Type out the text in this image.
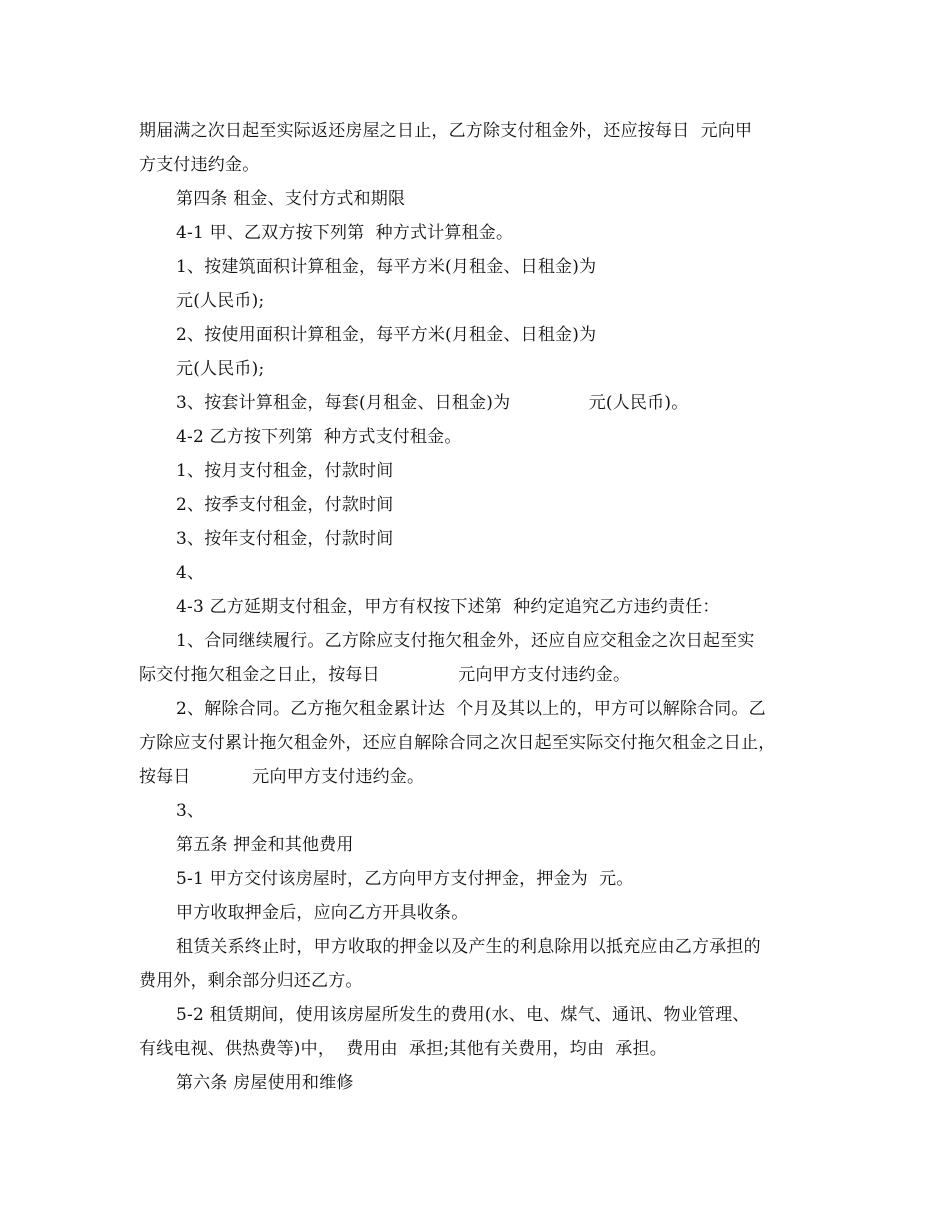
期届满之次日起至实际返还房屋之日止，乙方除支付租金外，还应按每日  元向甲
方支付违约金。
第四条 租金、支付方式和期限
4-1 甲、乙双方按下列第  种方式计算租金。
1、按建筑面积计算租金，每平方米(月租金、日租金)为
元(人民币);
2、按使用面积计算租金，每平方米(月租金、日租金)为
元(人民币);
3、按套计算租金，每套(月租金、日租金)为              元(人民币)。
4-2 乙方按下列第  种方式支付租金。
1、按月支付租金，付款时间
2、按季支付租金，付款时间
3、按年支付租金，付款时间
4、
4-3 乙方延期支付租金，甲方有权按下述第  种约定追究乙方违约责任：
1、合同继续履行。乙方除应支付拖欠租金外，还应自应交租金之次日起至实
际交付拖欠租金之日止，按每日              元向甲方支付违约金。
2、解除合同。乙方拖欠租金累计达  个月及其以上的，甲方可以解除合同。乙
方除应支付累计拖欠租金外，还应自解除合同之次日起至实际交付拖欠租金之日止，
按每日           元向甲方支付违约金。
3、
第五条 押金和其他费用
5-1 甲方交付该房屋时，乙方向甲方支付押金，押金为  元。
甲方收取押金后，应向乙方开具收条。
租赁关系终止时，甲方收取的押金以及产生的利息除用以抵充应由乙方承担的
费用外，剩余部分归还乙方。
5-2 租赁期间，使用该房屋所发生的费用(水、电、煤气、通讯、物业管理、
有线电视、供热费等)中，  费用由  承担;其他有关费用，均由  承担。
第六条 房屋使用和维修
